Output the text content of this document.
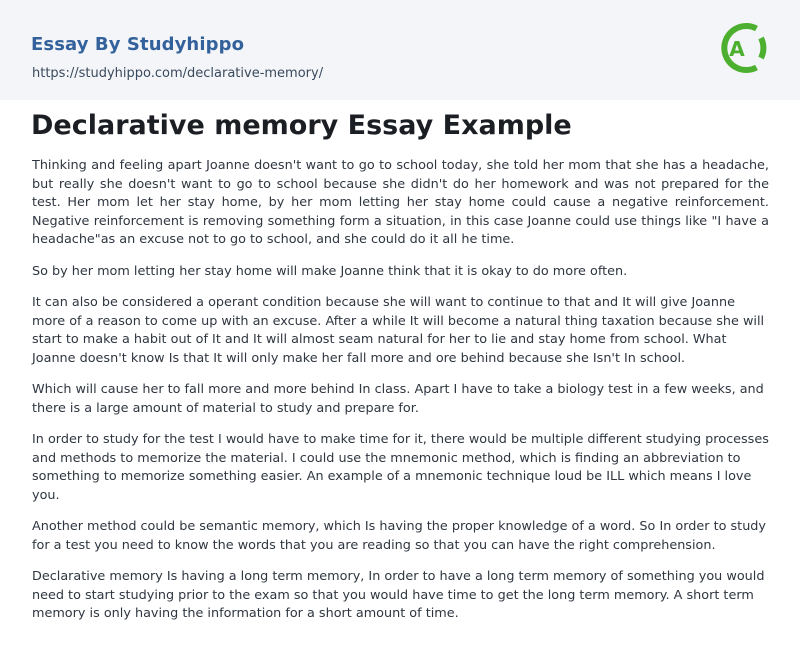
Essay By Studyhippo
https://studyhippo.com/declarative-memory/
A
Declarative memory Essay Example

Thinking and feeling apart Joanne doesn't want to go to school today, she told her mom that she has a headache, but really she doesn't want to go to school because she didn't do her homework and was not prepared for the test. Her mom let her stay home, by her mom letting her stay home could cause a negative reinforcement. Negative reinforcement is removing something form a situation, in this case Joanne could use things like "I have a headache"as an excuse not to go to school, and she could do it all he time.

So by her mom letting her stay home will make Joanne think that it is okay to do more often.

It can also be considered a operant condition because she will want to continue to that and It will give Joanne more of a reason to come up with an excuse. After a while It will become a natural thing taxation because she will start to make a habit out of It and It will almost seam natural for her to lie and stay home from school. What Joanne doesn't know Is that It will only make her fall more and ore behind because she Isn't In school.

Which will cause her to fall more and more behind In class. Apart I have to take a biology test in a few weeks, and there is a large amount of material to study and prepare for.

In order to study for the test I would have to make time for it, there would be multiple different studying processes and methods to memorize the material. I could use the mnemonic method, which is finding an abbreviation to something to memorize something easier. An example of a mnemonic technique loud be ILL which means I love you.

Another method could be semantic memory, which Is having the proper knowledge of a word. So In order to study for a test you need to know the words that you are reading so that you can have the right comprehension.

Declarative memory Is having a long term memory, In order to have a long term memory of something you would need to start studying prior to the exam so that you would have time to get the long term memory. A short term memory is only having the information for a short amount of time.
